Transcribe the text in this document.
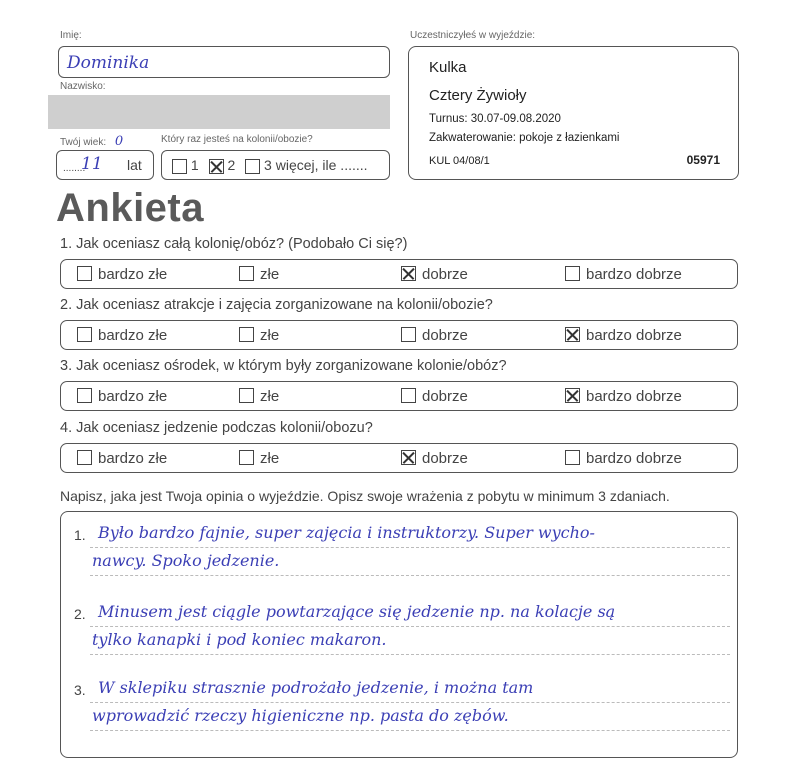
Imię:
Dominika
Nazwisko:
Twój wiek: 0
........
11 lat
Który raz jesteś na kolonii/obozie?
1 2 3 więcej, ile .......
Uczestniczyłeś w wyjeździe:
Kulka
Cztery Żywioły
Turnus: 30.07-09.08.2020
Zakwaterowanie: pokoje z łazienkami
KUL 04/08/1	05971
Ankieta
1. Jak oceniasz całą kolonię/obóz? (Podobało Ci się?)
bardzo złe	złe	dobrze	bardzo dobrze
2. Jak oceniasz atrakcje i zajęcia zorganizowane na kolonii/obozie?
bardzo złe	złe	dobrze	bardzo dobrze
3. Jak oceniasz ośrodek, w którym były zorganizowane kolonie/obóz?
bardzo złe	złe	dobrze	bardzo dobrze
4. Jak oceniasz jedzenie podczas kolonii/obozu?
bardzo złe	złe	dobrze	bardzo dobrze
Napisz, jaka jest Twoja opinia o wyjeździe. Opisz swoje wrażenia z pobytu w minimum 3 zdaniach.
1. Było bardzo fajnie, super zajęcia i instruktorzy. Super wycho-
nawcy. Spoko jedzenie.
2. Minusem jest ciągle powtarzające się jedzenie np. na kolacje są
tylko kanapki i pod koniec makaron.
3. W sklepiku strasznie podrożało jedzenie, i można tam
wprowadzić rzeczy higieniczne np. pasta do zębów.
